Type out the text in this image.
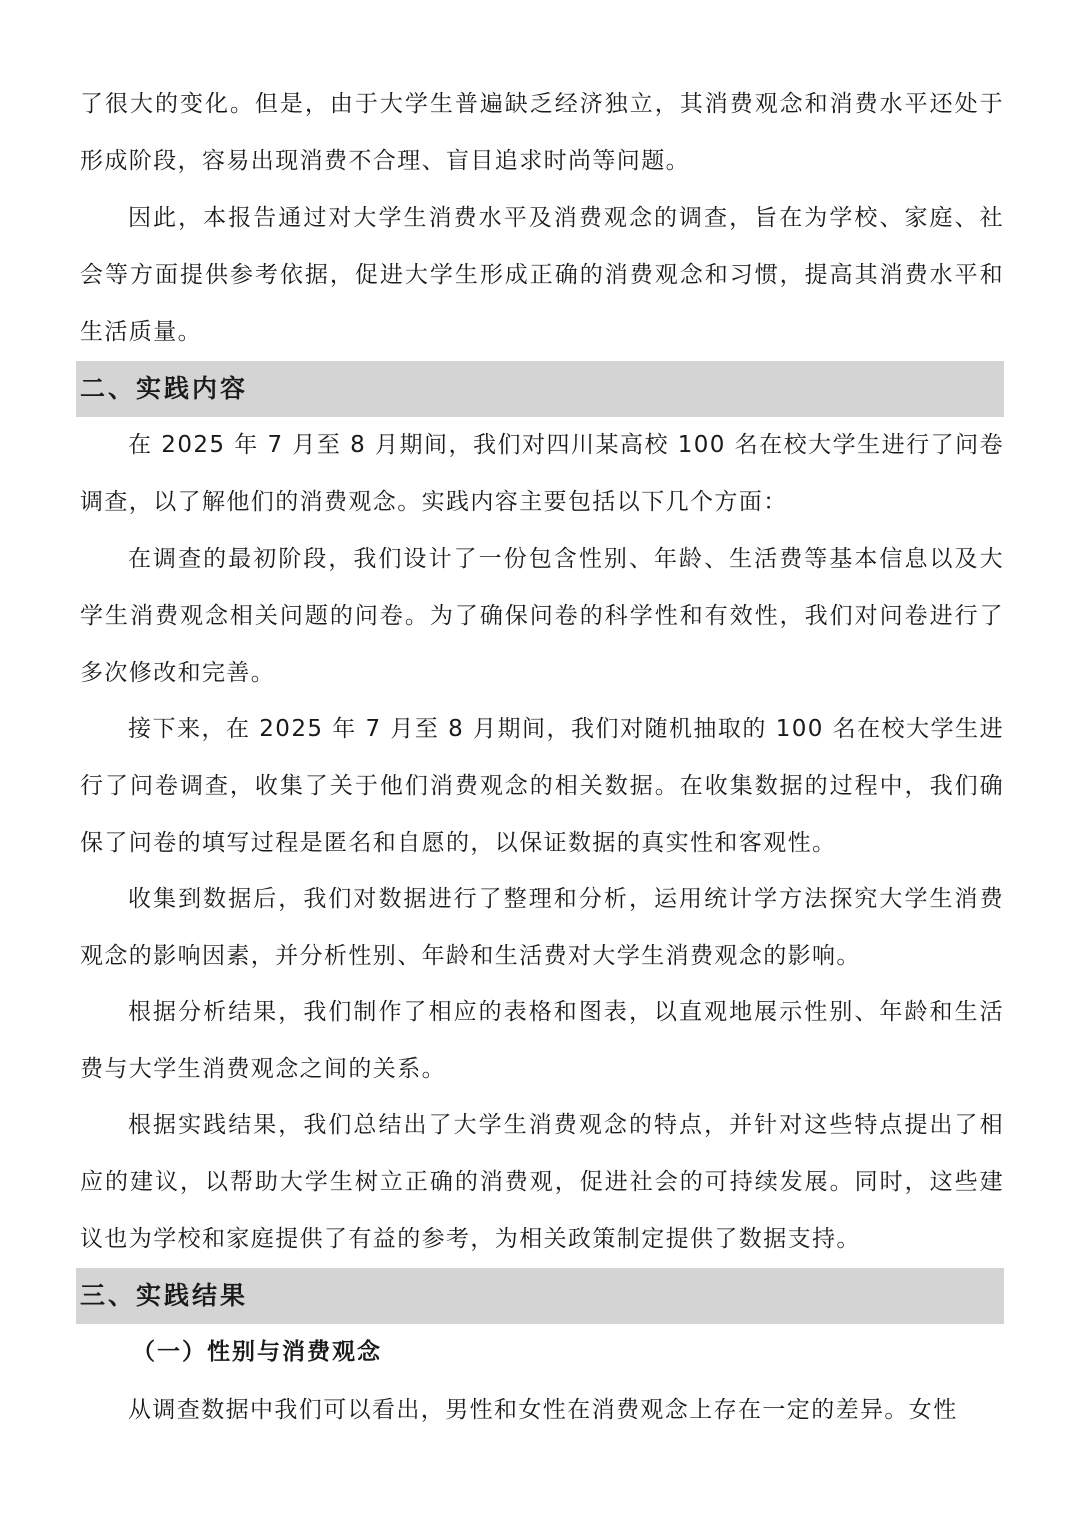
了很大的变化。但是，由于大学生普遍缺乏经济独立，其消费观念和消费水平还处于形成阶段，容易出现消费不合理、盲目追求时尚等问题。

因此，本报告通过对大学生消费水平及消费观念的调查，旨在为学校、家庭、社会等方面提供参考依据，促进大学生形成正确的消费观念和习惯，提高其消费水平和生活质量。

二、实践内容

在 2025 年 7 月至 8 月期间，我们对四川某高校 100 名在校大学生进行了问卷调查，以了解他们的消费观念。实践内容主要包括以下几个方面：

在调查的最初阶段，我们设计了一份包含性别、年龄、生活费等基本信息以及大学生消费观念相关问题的问卷。为了确保问卷的科学性和有效性，我们对问卷进行了多次修改和完善。

接下来，在 2025 年 7 月至 8 月期间，我们对随机抽取的 100 名在校大学生进行了问卷调查，收集了关于他们消费观念的相关数据。在收集数据的过程中，我们确保了问卷的填写过程是匿名和自愿的，以保证数据的真实性和客观性。

收集到数据后，我们对数据进行了整理和分析，运用统计学方法探究大学生消费观念的影响因素，并分析性别、年龄和生活费对大学生消费观念的影响。

根据分析结果，我们制作了相应的表格和图表，以直观地展示性别、年龄和生活费与大学生消费观念之间的关系。

根据实践结果，我们总结出了大学生消费观念的特点，并针对这些特点提出了相应的建议，以帮助大学生树立正确的消费观，促进社会的可持续发展。同时，这些建议也为学校和家庭提供了有益的参考，为相关政策制定提供了数据支持。

三、实践结果

（一）性别与消费观念

从调查数据中我们可以看出，男性和女性在消费观念上存在一定的差异。女性
